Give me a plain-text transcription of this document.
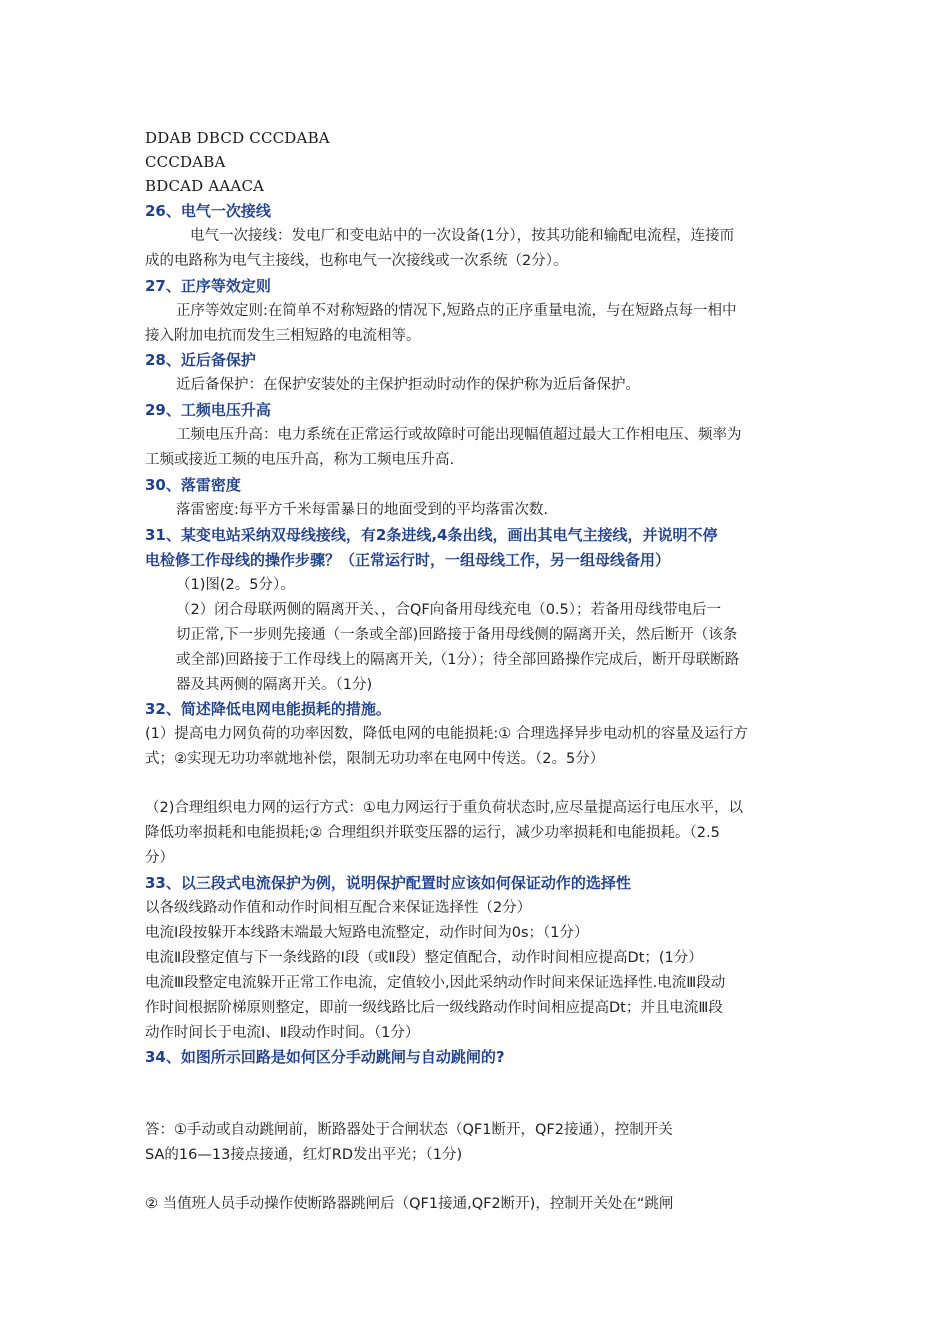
DDAB DBCD CCCDABA
CCCDABA
BDCAD AAACA
26、电气一次接线
电气一次接线：发电厂和变电站中的一次设备(1分），按其功能和输配电流程，连接而
成的电路称为电气主接线，也称电气一次接线或一次系统（2分）。
27、正序等效定则
正序等效定则:在简单不对称短路的情况下,短路点的正序重量电流，与在短路点每一相中
接入附加电抗而发生三相短路的电流相等。
28、近后备保护
近后备保护：在保护安装处的主保护拒动时动作的保护称为近后备保护。
29、工频电压升高
工频电压升高：电力系统在正常运行或故障时可能出现幅值超过最大工作相电压、频率为
工频或接近工频的电压升高，称为工频电压升高.
30、落雷密度
落雷密度:每平方千米每雷暴日的地面受到的平均落雷次数.
31、某变电站采纳双母线接线，有2条进线,4条出线，画出其电气主接线，并说明不停
电检修工作母线的操作步骤？（正常运行时，一组母线工作，另一组母线备用）
（1)图(2。5分）。
（2）闭合母联两侧的隔离开关、，合QF向备用母线充电（0.5）；若备用母线带电后一
切正常,下一步则先接通（一条或全部)回路接于备用母线侧的隔离开关，然后断开（该条
或全部)回路接于工作母线上的隔离开关,（1分）；待全部回路操作完成后，断开母联断路
器及其两侧的隔离开关。（1分)
32、简述降低电网电能损耗的措施。
(1）提高电力网负荷的功率因数，降低电网的电能损耗:① 合理选择异步电动机的容量及运行方
式；②实现无功功率就地补偿，限制无功功率在电网中传送。（2。5分）
（2)合理组织电力网的运行方式：①电力网运行于重负荷状态时,应尽量提高运行电压水平，以
降低功率损耗和电能损耗;② 合理组织并联变压器的运行，减少功率损耗和电能损耗。（2.5
分）
33、以三段式电流保护为例，说明保护配置时应该如何保证动作的选择性
以各级线路动作值和动作时间相互配合来保证选择性（2分）
电流Ⅰ段按躲开本线路末端最大短路电流整定，动作时间为0s；（1分）
电流Ⅱ段整定值与下一条线路的Ⅰ段（或Ⅱ段）整定值配合，动作时间相应提高Dt；(1分）
电流Ⅲ段整定电流躲开正常工作电流，定值较小,因此采纳动作时间来保证选择性.电流Ⅲ段动
作时间根据阶梯原则整定，即前一级线路比后一级线路动作时间相应提高Dt；并且电流Ⅲ段
动作时间长于电流Ⅰ、Ⅱ段动作时间。（1分）
34、如图所示回路是如何区分手动跳闸与自动跳闸的?
答：①手动或自动跳闸前，断路器处于合闸状态（QF1断开，QF2接通），控制开关
SA的16—13接点接通，红灯RD发出平光；（1分)
② 当值班人员手动操作使断路器跳闸后（QF1接通,QF2断开)，控制开关处在“跳闸
